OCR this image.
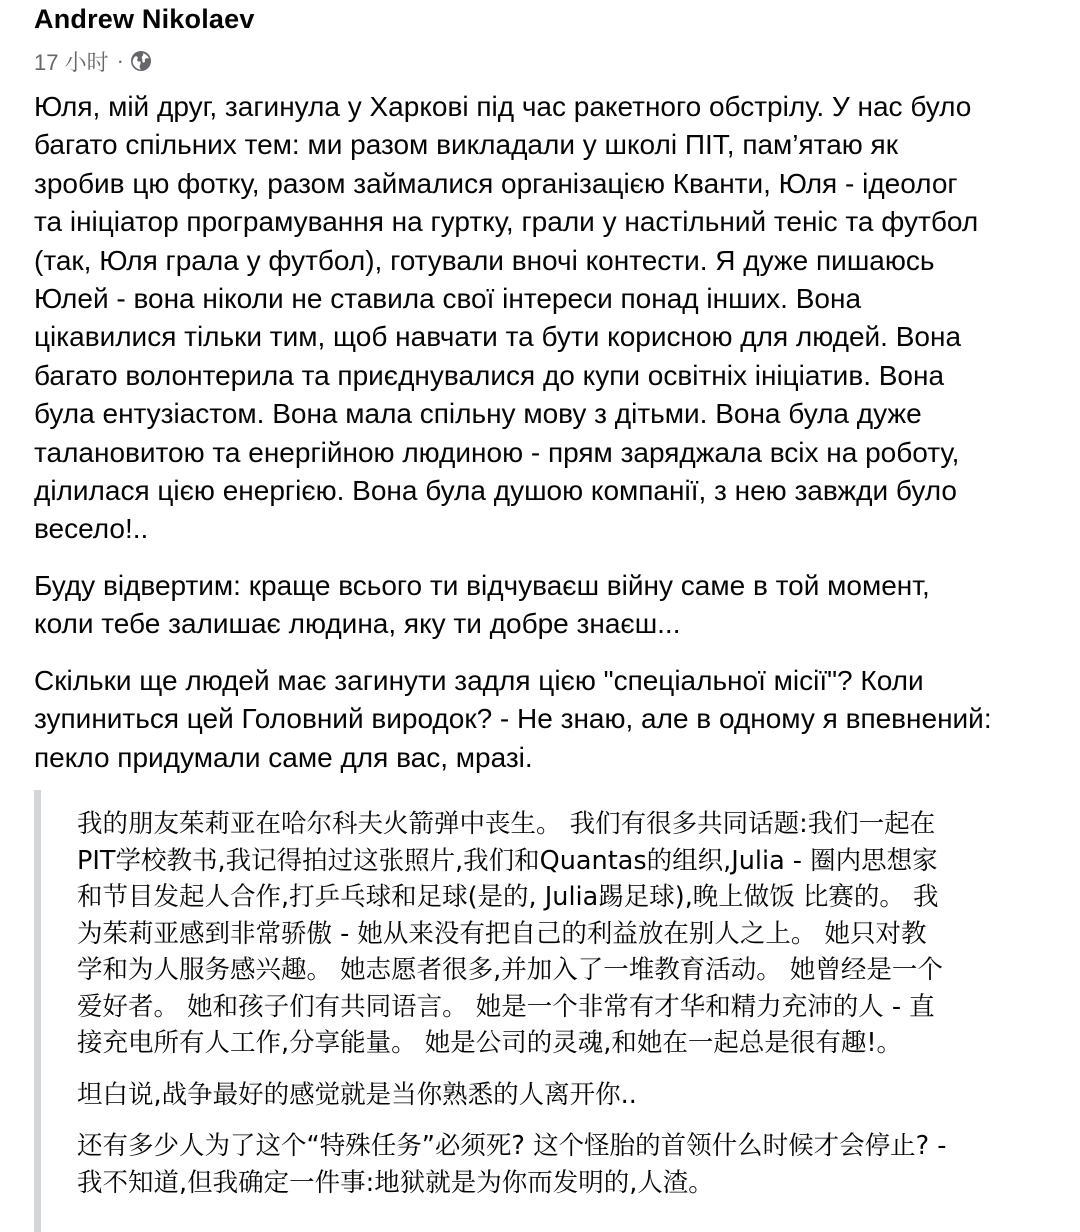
Andrew Nikolaev
17 小时 ·

Юля, мій друг, загинула у Харкові під час ракетного обстрілу. У нас було
багато спільних тем: ми разом викладали у школі ПІТ, пам’ятаю як
зробив цю фотку, разом займалися організацією Кванти, Юля - ідеолог
та ініціатор програмування на гуртку, грали у настільний теніс та футбол
(так, Юля грала у футбол), готували вночі контести. Я дуже пишаюсь
Юлей - вона ніколи не ставила свої інтереси понад інших. Вона
цікавилися тільки тим, щоб навчати та бути корисною для людей. Вона
багато волонтерила та приєднувалися до купи освітніх ініціатив. Вона
була ентузіастом. Вона мала спільну мову з дітьми. Вона була дуже
талановитою та енергійною людиною - прям заряджала всіх на роботу,
ділилася цією енергією. Вона була душою компанії, з нею завжди було
весело!..

Буду відвертим: краще всього ти відчуваєш війну саме в той момент,
коли тебе залишає людина, яку ти добре знаєш...

Скільки ще людей має загинути задля цією "спеціальної місії"? Коли
зупиниться цей Головний виродок? - Не знаю, але в одному я впевнений:
пекло придумали саме для вас, мразі.

我的朋友茱莉亚在哈尔科夫火箭弹中丧生。 我们有很多共同话题:我们一起在
PIT学校教书,我记得拍过这张照片,我们和Quantas的组织,Julia - 圈内思想家
和节目发起人合作,打乒乓球和足球(是的, Julia踢足球),晚上做饭 比赛的。 我
为茱莉亚感到非常骄傲 - 她从来没有把自己的利益放在别人之上。 她只对教
学和为人服务感兴趣。 她志愿者很多,并加入了一堆教育活动。 她曾经是一个
爱好者。 她和孩子们有共同语言。 她是一个非常有才华和精力充沛的人 - 直
接充电所有人工作,分享能量。 她是公司的灵魂,和她在一起总是很有趣!。

坦白说,战争最好的感觉就是当你熟悉的人离开你..

还有多少人为了这个“特殊任务”必须死? 这个怪胎的首领什么时候才会停止? -
我不知道,但我确定一件事:地狱就是为你而发明的,人渣。
